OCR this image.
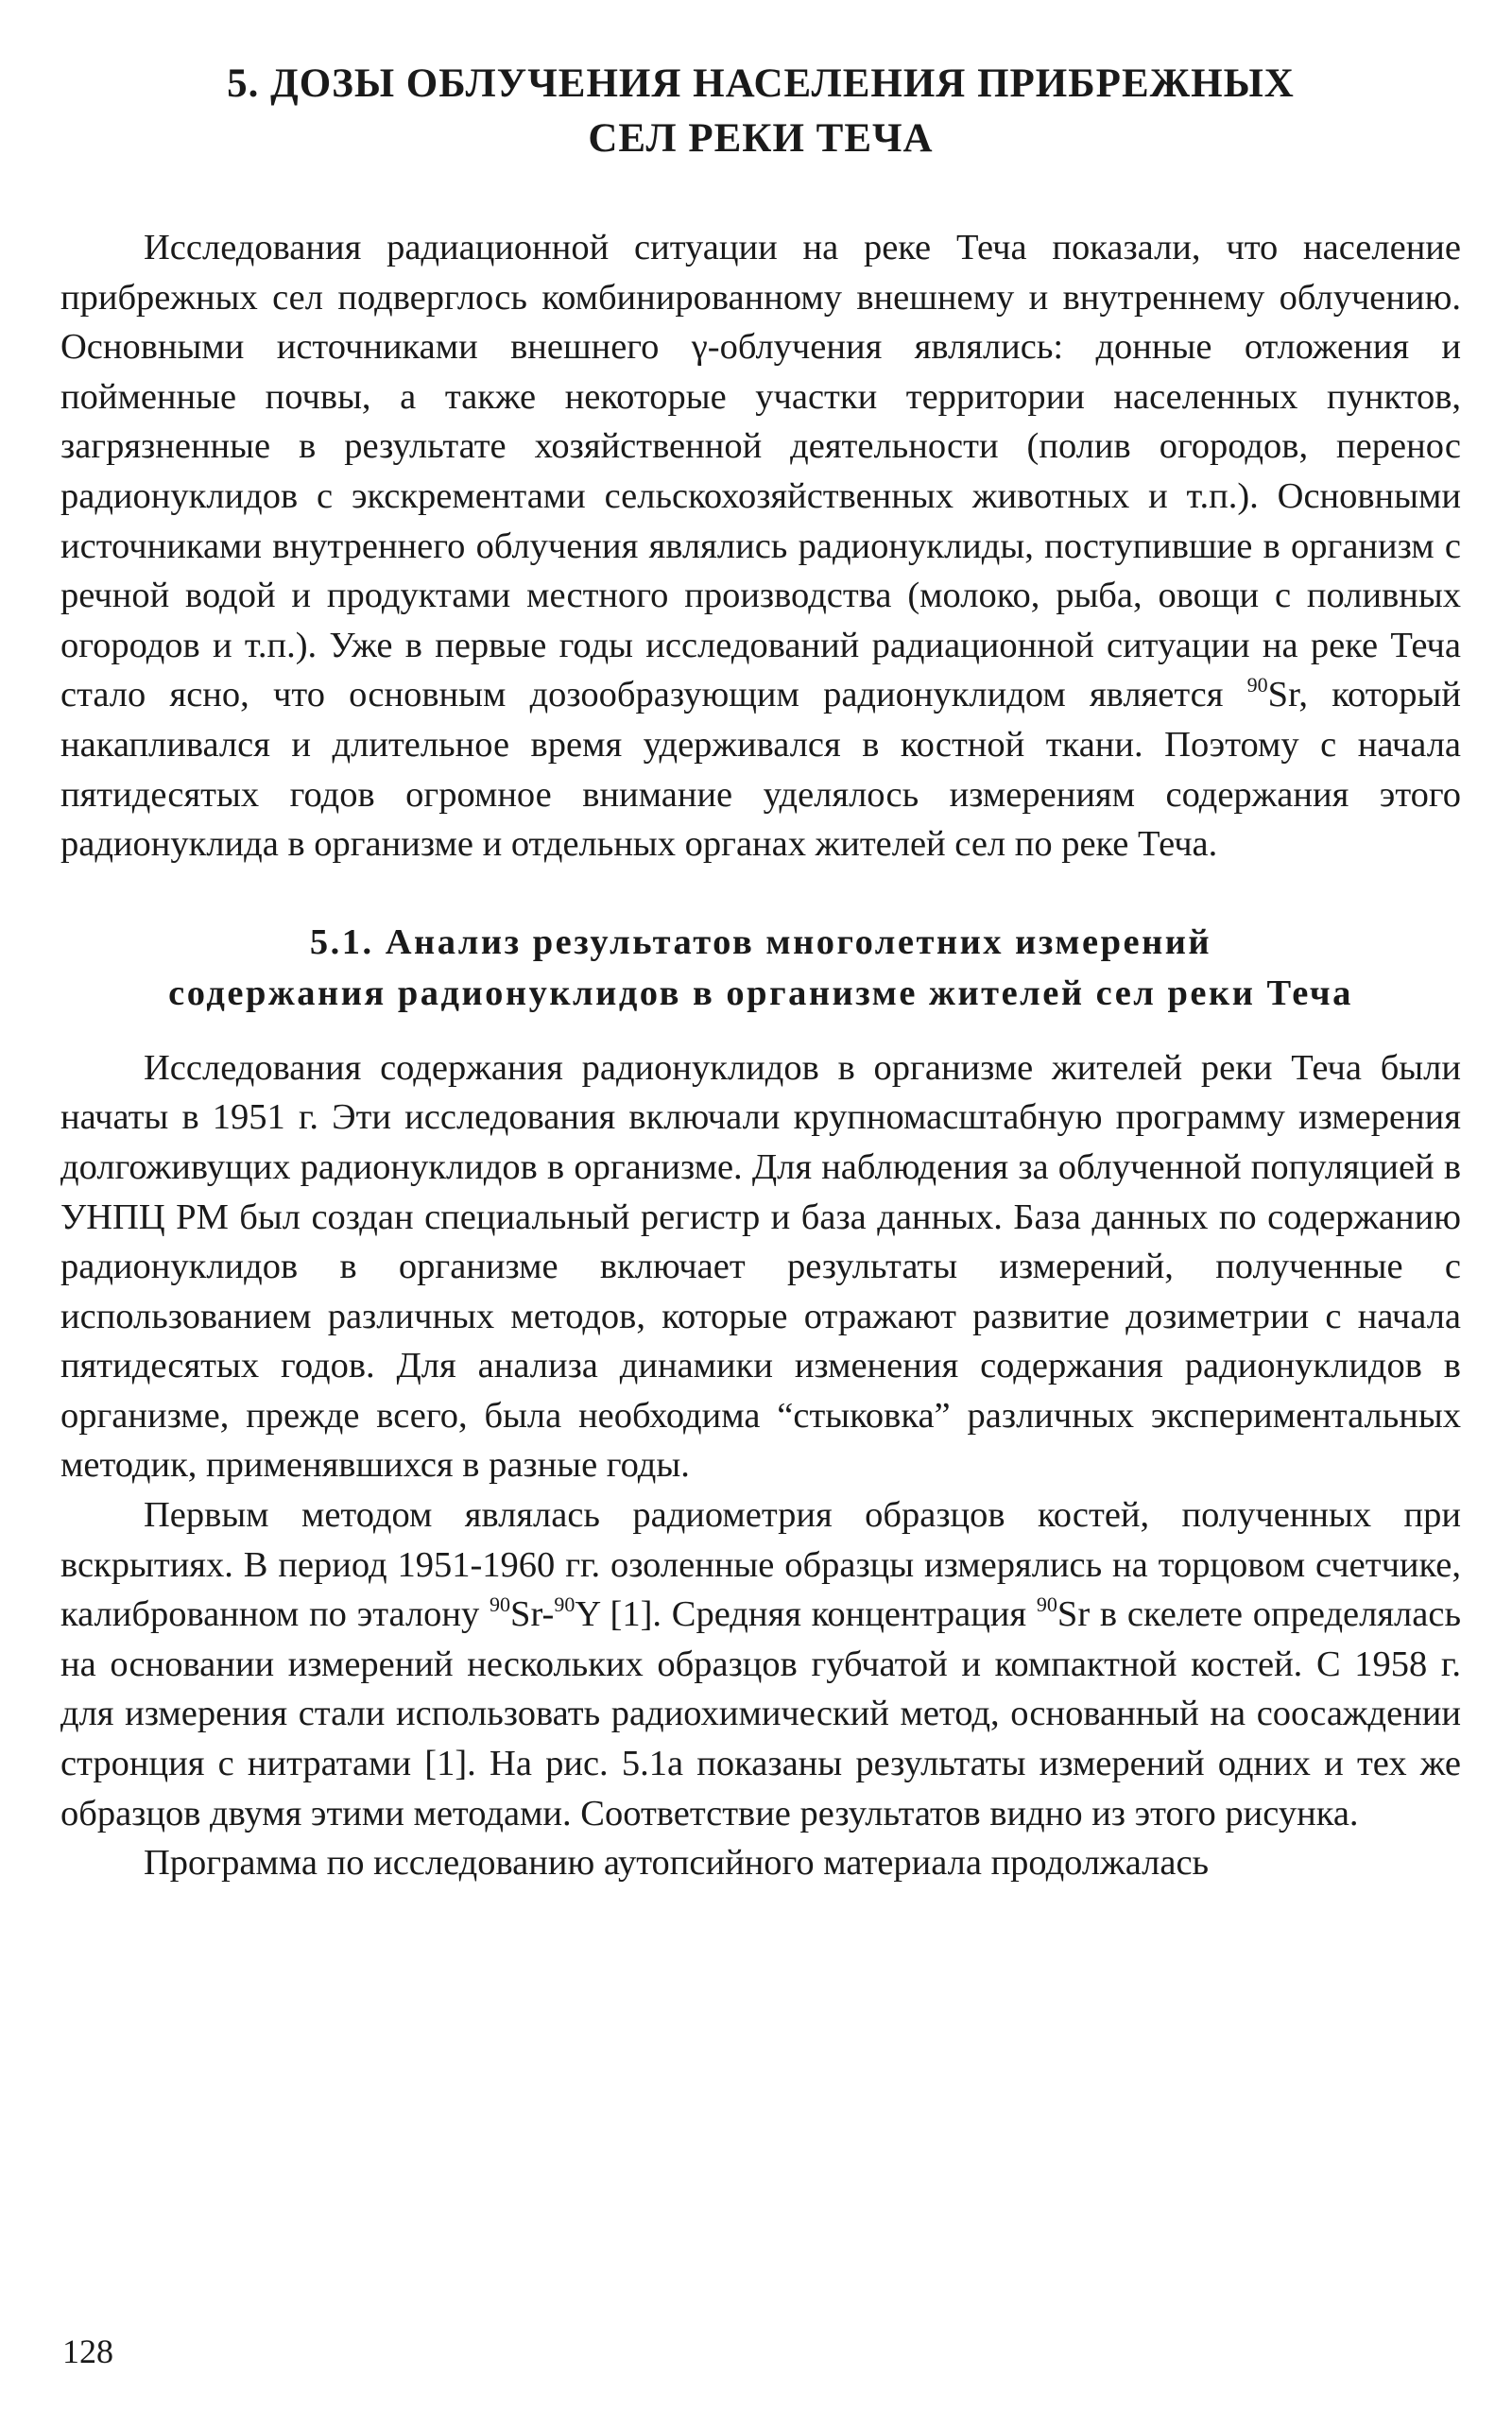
5. ДОЗЫ ОБЛУЧЕНИЯ НАСЕЛЕНИЯ ПРИБРЕЖНЫХ
СЕЛ РЕКИ ТЕЧА

Исследования радиационной ситуации на реке Теча показали, что население прибрежных сел подверглось комбинированному внешнему и внутреннему облучению. Основными источниками внешнего γ-облучения являлись: донные отложения и пойменные почвы, а также некоторые участки территории населенных пунктов, загрязненные в результате хозяйственной деятельности (полив огородов, перенос радионуклидов с экскрементами сельскохозяйственных животных и т.п.). Основными источниками внутреннего облучения являлись радионуклиды, поступившие в организм с речной водой и продуктами местного производства (молоко, рыба, овощи с поливных огородов и т.п.). Уже в первые годы исследований радиационной ситуации на реке Теча стало ясно, что основным дозообразующим радионуклидом является $^{90}$Sr, который накапливался и длительное время удерживался в костной ткани. Поэтому с начала пятидесятых годов огромное внимание уделялось измерениям содержания этого радионуклида в организме и отдельных органах жителей сел по реке Теча.

5.1. Анализ результатов многолетних измерений
содержания радионуклидов в организме жителей сел реки Теча

Исследования содержания радионуклидов в организме жителей реки Теча были начаты в 1951 г. Эти исследования включали крупномасштабную программу измерения долгоживущих радионуклидов в организме. Для наблюдения за облученной популяцией в УНПЦ РМ был создан специальный регистр и база данных. База данных по содержанию радионуклидов в организме включает результаты измерений, полученные с использованием различных методов, которые отражают развитие дозиметрии с начала пятидесятых годов. Для анализа динамики изменения содержания радионуклидов в организме, прежде всего, была необходима “стыковка” различных экспериментальных методик, применявшихся в разные годы.

Первым методом являлась радиометрия образцов костей, полученных при вскрытиях. В период 1951-1960 гг. озоленные образцы измерялись на торцовом счетчике, калиброванном по эталону $^{90}$Sr-$^{90}$Y [1]. Средняя концентрация $^{90}$Sr в скелете определялась на основании измерений нескольких образцов губчатой и компактной костей. С 1958 г. для измерения стали использовать радиохимический метод, основанный на соосаждении стронция с нитратами [1]. На рис. 5.1а показаны результаты измерений одних и тех же образцов двумя этими методами. Соответствие результатов видно из этого рисунка.

Программа по исследованию аутопсийного материала продолжалась

128
